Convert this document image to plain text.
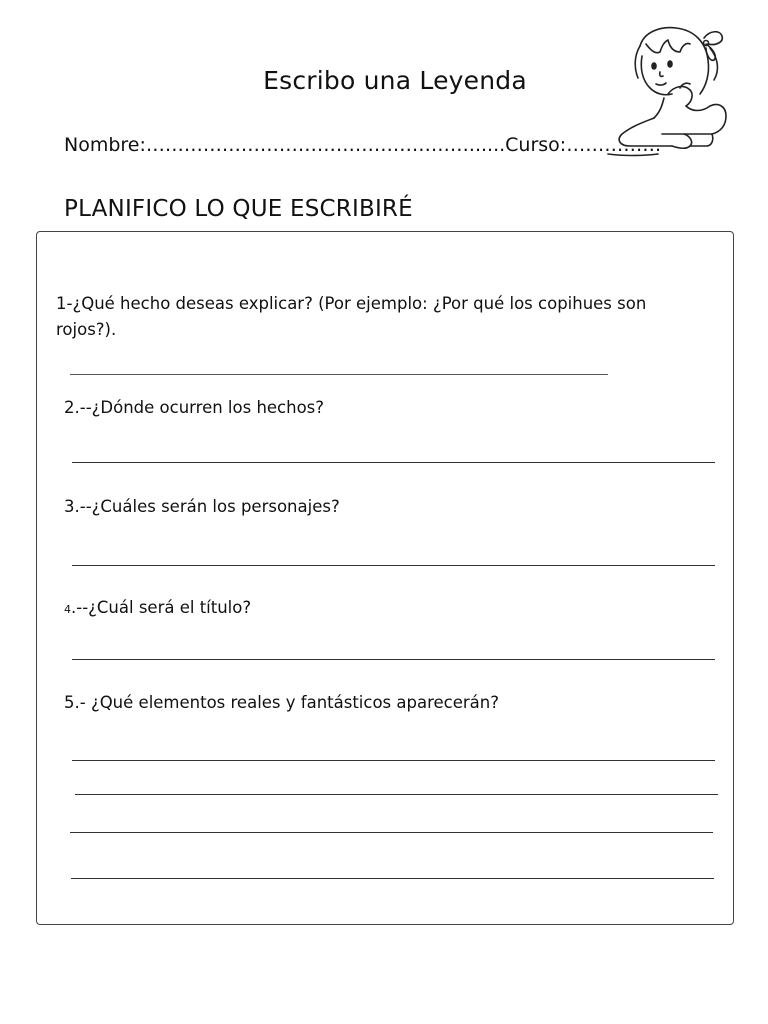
Escribo una Leyenda
Nombre:……………………………………………......Curso:……………
PLANIFICO LO QUE ESCRIBIRÉ
1-¿Qué hecho deseas explicar? (Por ejemplo: ¿Por qué los copihues son rojos?).
2.--¿Dónde ocurren los hechos?
3.--¿Cuáles serán los personajes?
4.--¿Cuál será el título?
5.- ¿Qué elementos reales y fantásticos aparecerán?
